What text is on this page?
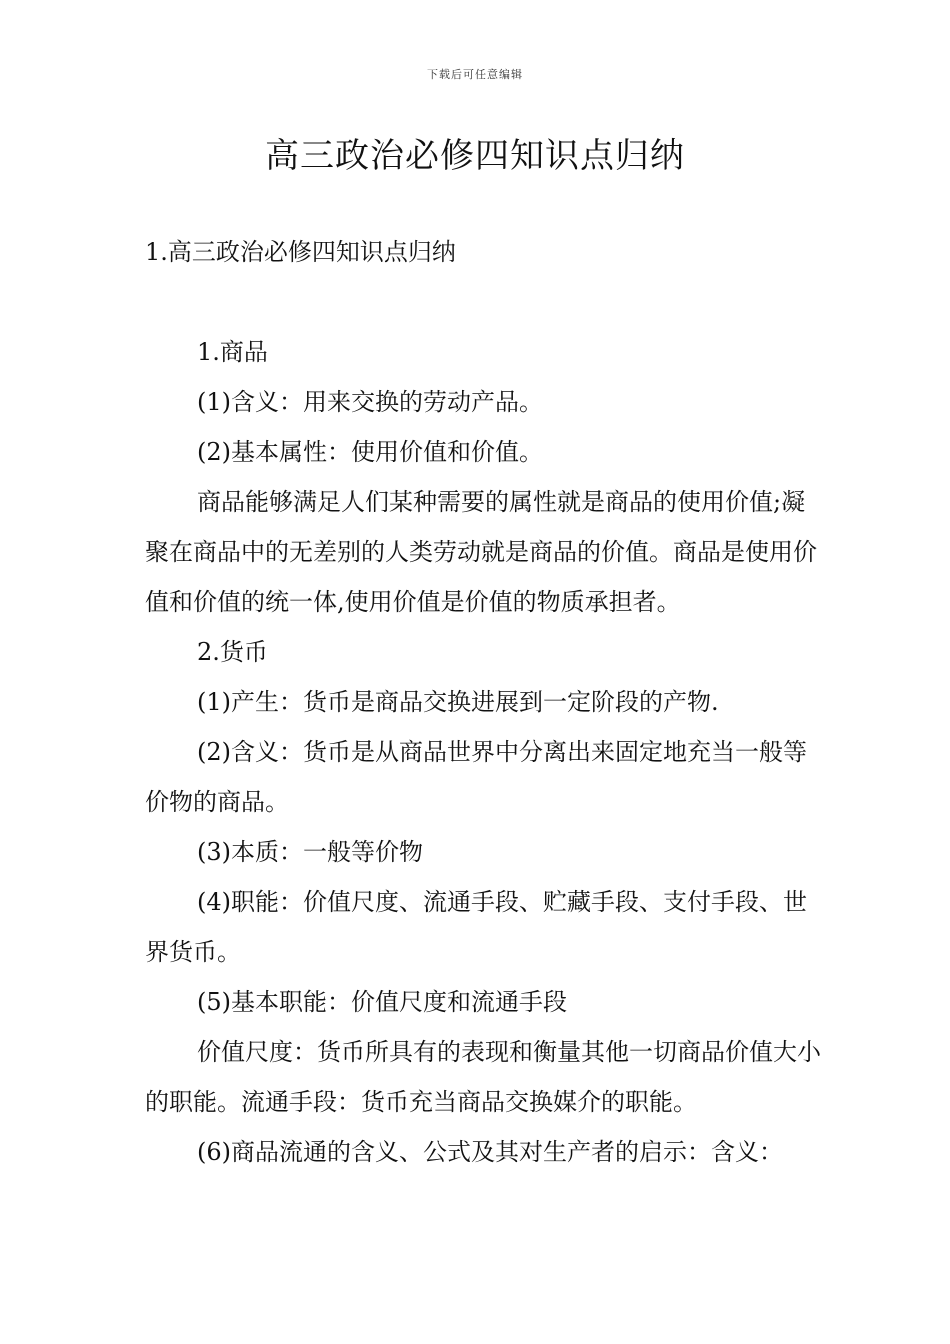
下载后可任意编辑
高三政治必修四知识点归纳
1.高三政治必修四知识点归纳

1.商品

(1)含义：用来交换的劳动产品。

(2)基本属性：使用价值和价值。

商品能够满足人们某种需要的属性就是商品的使用价值;凝聚在商品中的无差别的人类劳动就是商品的价值。商品是使用价值和价值的统一体,使用价值是价值的物质承担者。

2.货币

(1)产生：货币是商品交换进展到一定阶段的产物.

(2)含义：货币是从商品世界中分离出来固定地充当一般等价物的商品。

(3)本质：一般等价物

(4)职能：价值尺度、流通手段、贮藏手段、支付手段、世界货币。

(5)基本职能：价值尺度和流通手段

价值尺度：货币所具有的表现和衡量其他一切商品价值大小的职能。流通手段：货币充当商品交换媒介的职能。

(6)商品流通的含义、公式及其对生产者的启示：含义：
